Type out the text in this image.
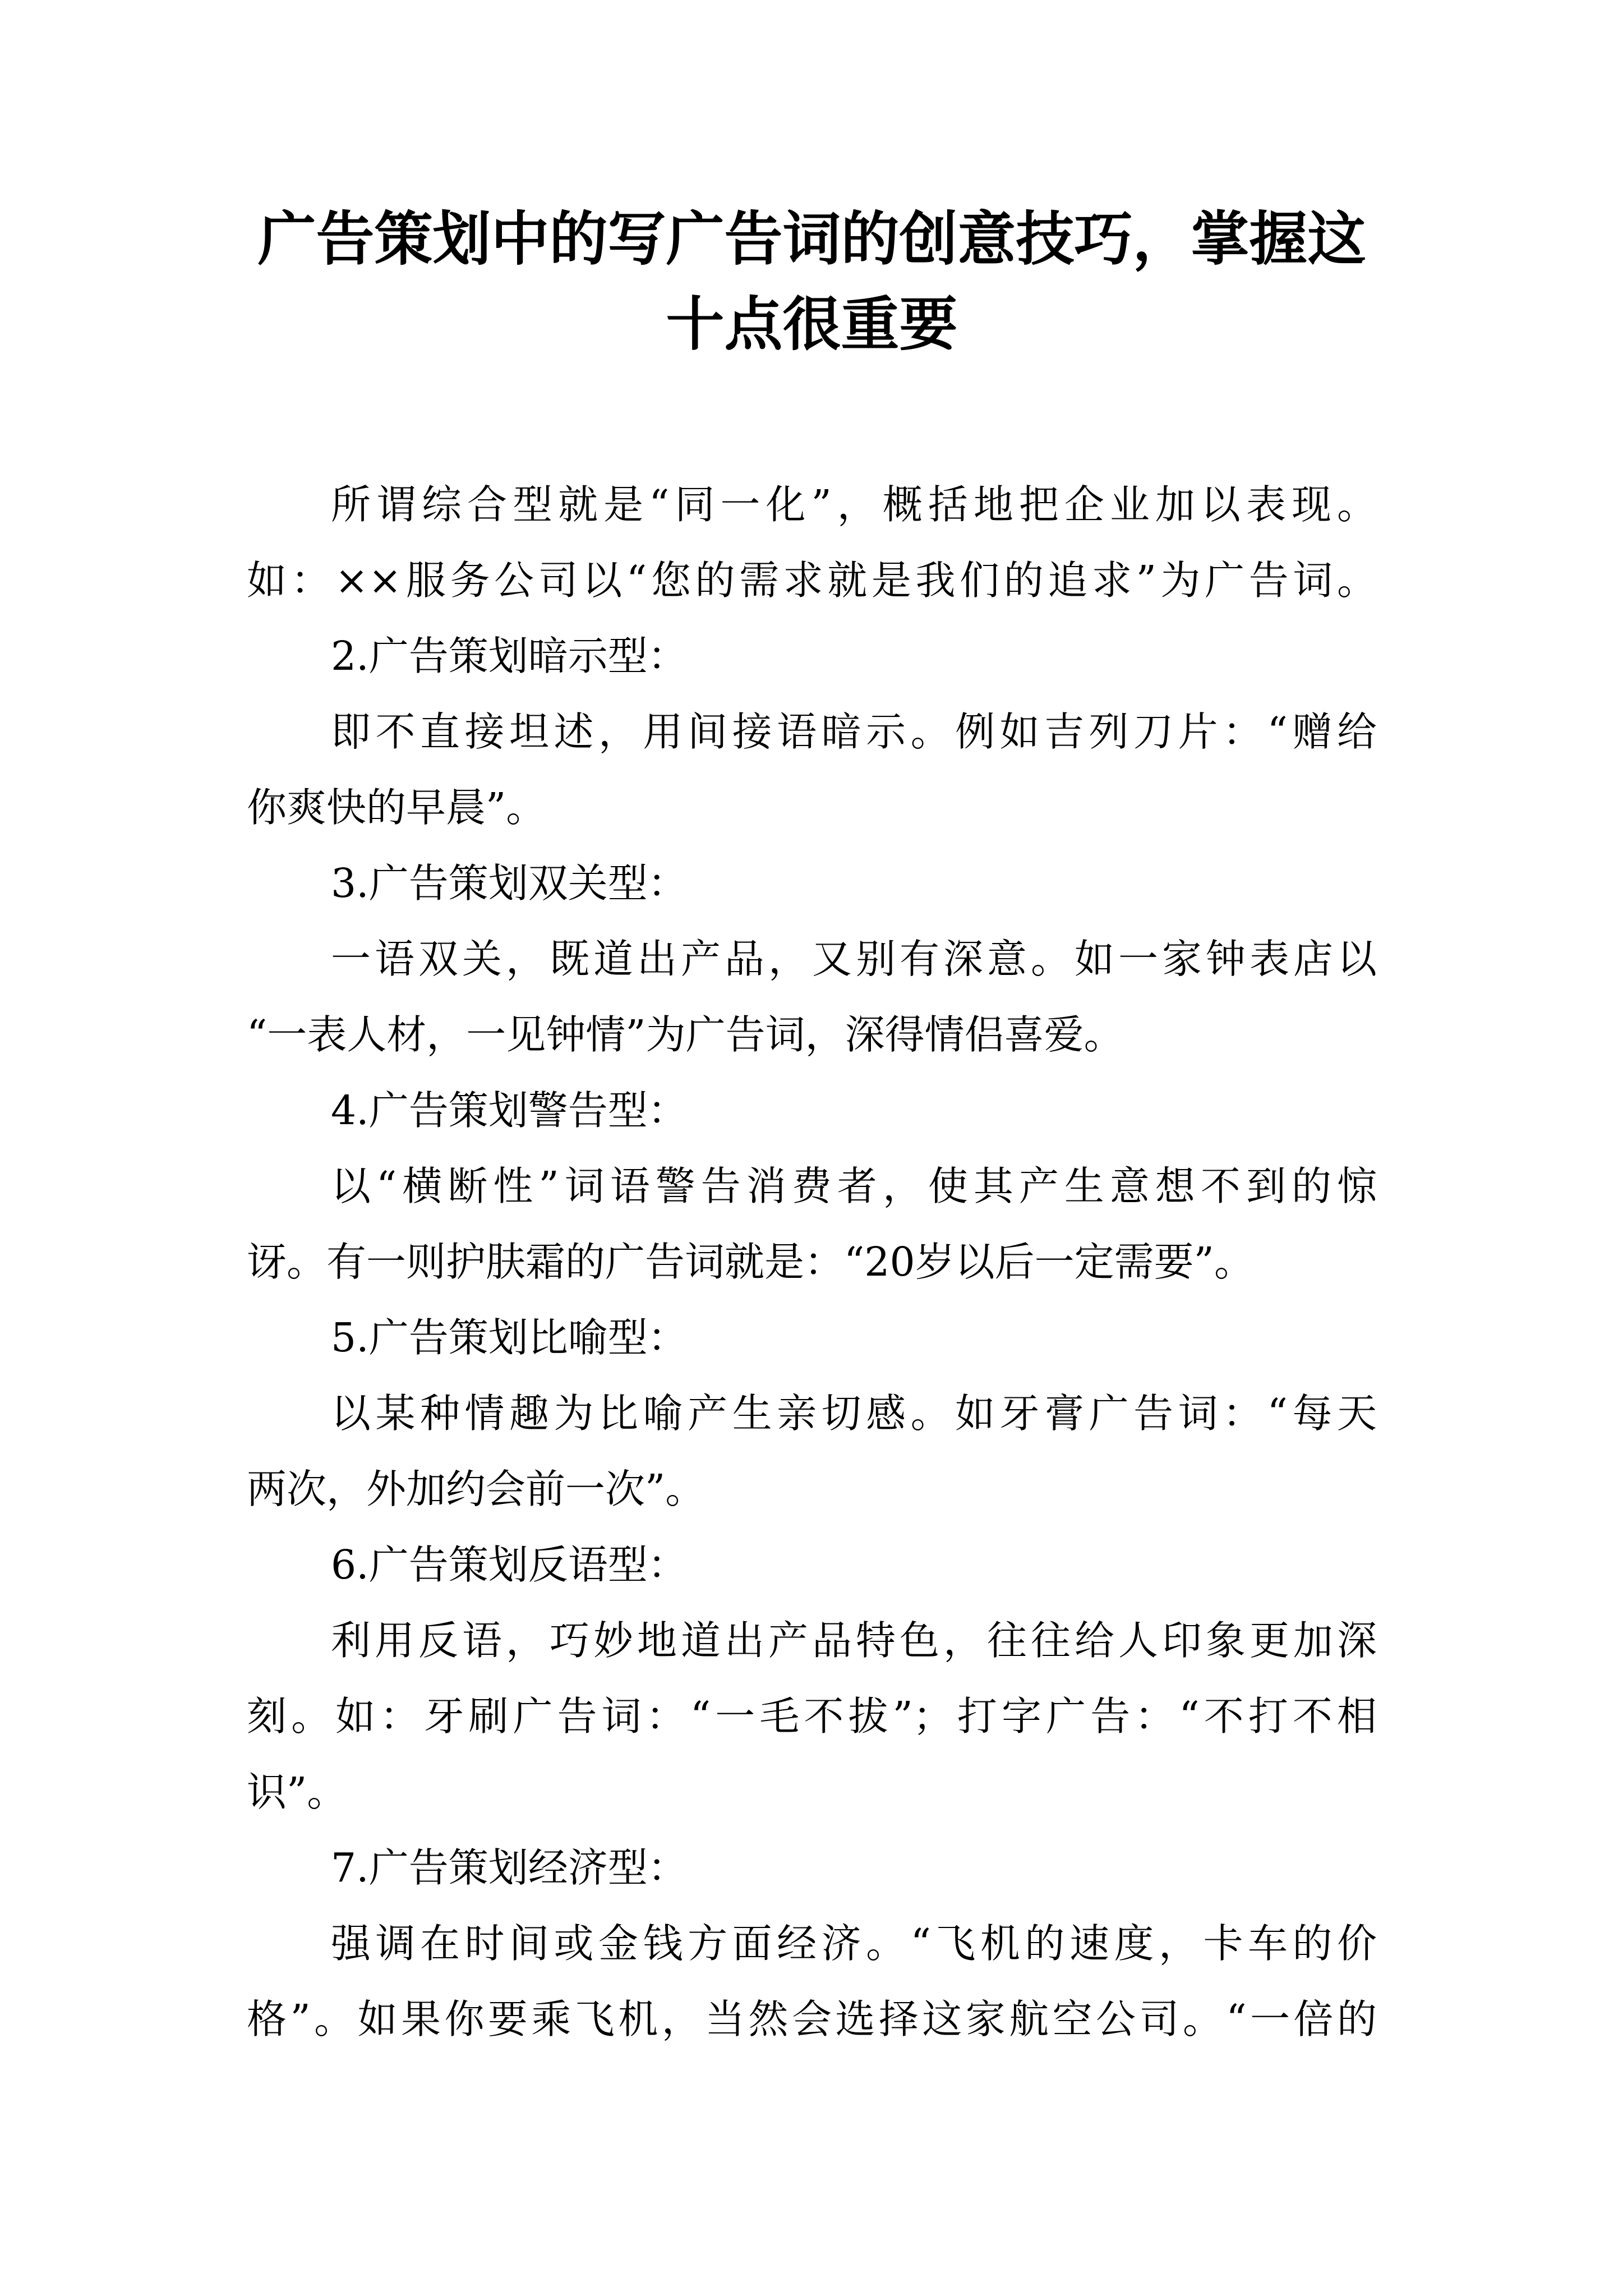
广告策划中的写广告词的创意技巧，掌握这
十点很重要
所谓综合型就是“同一化”，概括地把企业加以表现。
如：××服务公司以“您的需求就是我们的追求”为广告词。
2.广告策划暗示型：
即不直接坦述，用间接语暗示。例如吉列刀片：“赠给
你爽快的早晨”。
3.广告策划双关型：
一语双关，既道出产品，又别有深意。如一家钟表店以
“一表人材，一见钟情”为广告词，深得情侣喜爱。
4.广告策划警告型：
以“横断性”词语警告消费者，使其产生意想不到的惊
讶。有一则护肤霜的广告词就是：“20岁以后一定需要”。
5.广告策划比喻型：
以某种情趣为比喻产生亲切感。如牙膏广告词：“每天
两次，外加约会前一次”。
6.广告策划反语型：
利用反语，巧妙地道出产品特色，往往给人印象更加深
刻。如：牙刷广告词：“一毛不拔”；打字广告：“不打不相
识”。
7.广告策划经济型：
强调在时间或金钱方面经济。“飞机的速度，卡车的价
格”。如果你要乘飞机，当然会选择这家航空公司。“一倍的
